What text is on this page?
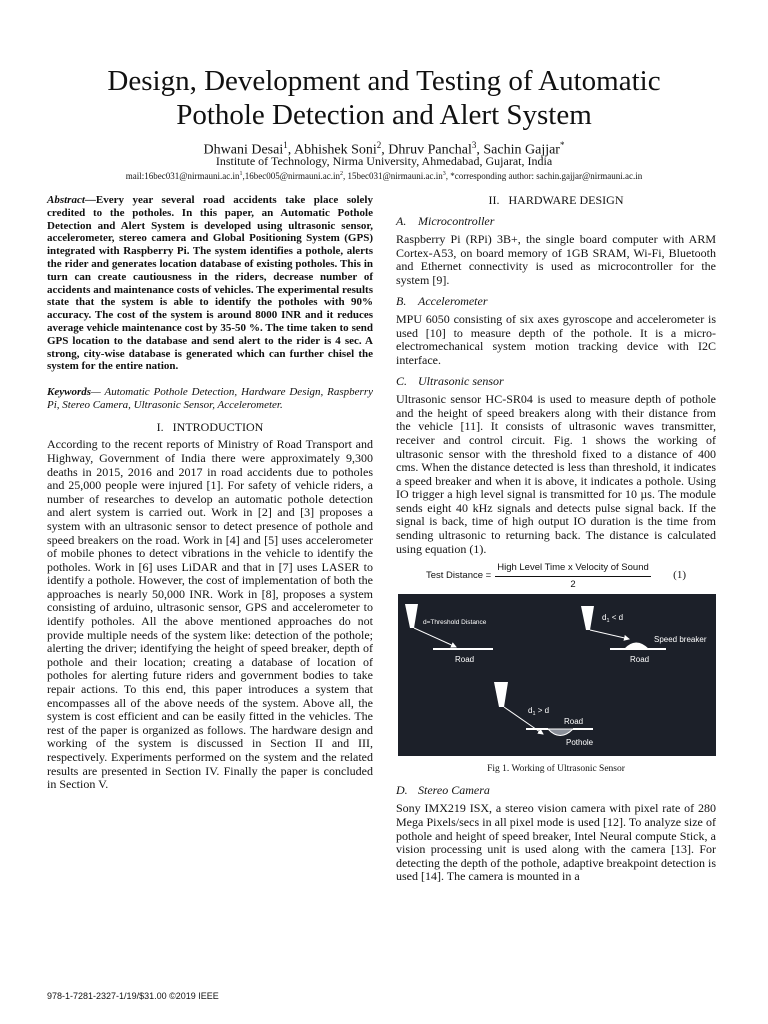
Design, Development and Testing of Automatic
Pothole Detection and Alert System
Dhwani Desai$^1$, Abhishek Soni$^2$, Dhruv Panchal$^3$, Sachin Gajjar*
Institute of Technology, Nirma University, Ahmedabad, Gujarat, India
$mail:16bec031@nirmauni.ac.in^1,16bec005@nirmauni.ac.in^2$, $15bec031@nirmauni.ac.in^3$, *corresponding author: sachin.gajjar@nirmauni.ac.in

Abstract—Every year several road accidents take place solely credited to the potholes. In this paper, an Automatic Pothole Detection and Alert System is developed using ultrasonic sensor, accelerometer, stereo camera and Global Positioning System (GPS) integrated with Raspberry Pi. The system identifies a pothole, alerts the rider and generates location database of existing potholes. This in turn can create cautiousness in the riders, decrease number of accidents and maintenance costs of vehicles. The experimental results state that the system is able to identify the potholes with 90% accuracy. The cost of the system is around 8000 INR and it reduces average vehicle maintenance cost by 35-50 %. The time taken to send GPS location to the database and send alert to the rider is 4 sec. A strong, city-wise database is generated which can further chisel the system for the entire nation.

Keywords— Automatic Pothole Detection, Hardware Design, Raspberry Pi, Stereo Camera, Ultrasonic Sensor, Accelerometer.

I. INTRODUCTION

According to the recent reports of Ministry of Road Transport and Highway, Government of India there were approximately 9,300 deaths in 2015, 2016 and 2017 in road accidents due to potholes and 25,000 people were injured [1]. For safety of vehicle riders, a number of researches to develop an automatic pothole detection and alert system is carried out. Work in [2] and [3] proposes a system with an ultrasonic sensor to detect presence of pothole and speed breakers on the road. Work in [4] and [5] uses accelerometer of mobile phones to detect vibrations in the vehicle to identify the potholes. Work in [6] uses LiDAR and that in [7] uses LASER to identify a pothole. However, the cost of implementation of both the approaches is nearly 50,000 INR. Work in [8], proposes a system consisting of arduino, ultrasonic sensor, GPS and accelerometer to identify potholes. All the above mentioned approaches do not provide multiple needs of the system like: detection of the pothole; alerting the driver; identifying the height of speed breaker, depth of pothole and their location; creating a database of location of potholes for alerting future riders and government bodies to take repair actions. To this end, this paper introduces a system that encompasses all of the above needs of the system. Above all, the system is cost efficient and can be easily fitted in the vehicles. The rest of the paper is organized as follows. The hardware design and working of the system is discussed in Section II and III, respectively. Experiments performed on the system and the related results are presented in Section IV. Finally the paper is concluded in Section V.

II. HARDWARE DESIGN
A. Microcontroller

Raspberry Pi (RPi) 3B+, the single board computer with ARM Cortex-A53, on board memory of 1GB SRAM, Wi-Fi, Bluetooth and Ethernet connectivity is used as microcontroller for the system [9].

B. Accelerometer

MPU 6050 consisting of six axes gyroscope and accelerometer is used [10] to measure depth of the pothole. It is a micro-electromechanical system motion tracking device with I2C interface.

C. Ultrasonic sensor

Ultrasonic sensor HC-SR04 is used to measure depth of pothole and the height of speed breakers along with their distance from the vehicle [11]. It consists of ultrasonic waves transmitter, receiver and control circuit. Fig. 1 shows the working of ultrasonic sensor with the threshold fixed to a distance of 400 cms. When the distance detected is less than threshold, it indicates a speed breaker and when it is above, it indicates a pothole. Using IO trigger a high level signal is transmitted for 10 µs. The module sends eight 40 kHz signals and detects pulse signal back. If the signal is back, time of high output IO duration is the time from sending ultrasonic to returning back. The distance is calculated using equation (1).

Test Distance = $\frac{\text{High Level Time x Velocity of Sound}}{2} (1)$
d=Threshold Distance
Road
$d_1 < d$
Speed breaker
Road
$d_1 > d$
Road
Pothole
Fig 1. Working of Ultrasonic Sensor
D. Stereo Camera

Sony IMX219 ISX, a stereo vision camera with pixel rate of 280 Mega Pixels/secs in all pixel mode is used [12]. To analyze size of pothole and height of speed breaker, Intel Neural compute Stick, a vision processing unit is used along with the camera [13]. For detecting the depth of the pothole, adaptive breakpoint detection is used [14]. The camera is mounted in a

978-1-7281-2327-1/19/$31.00 ©2019 IEEE
